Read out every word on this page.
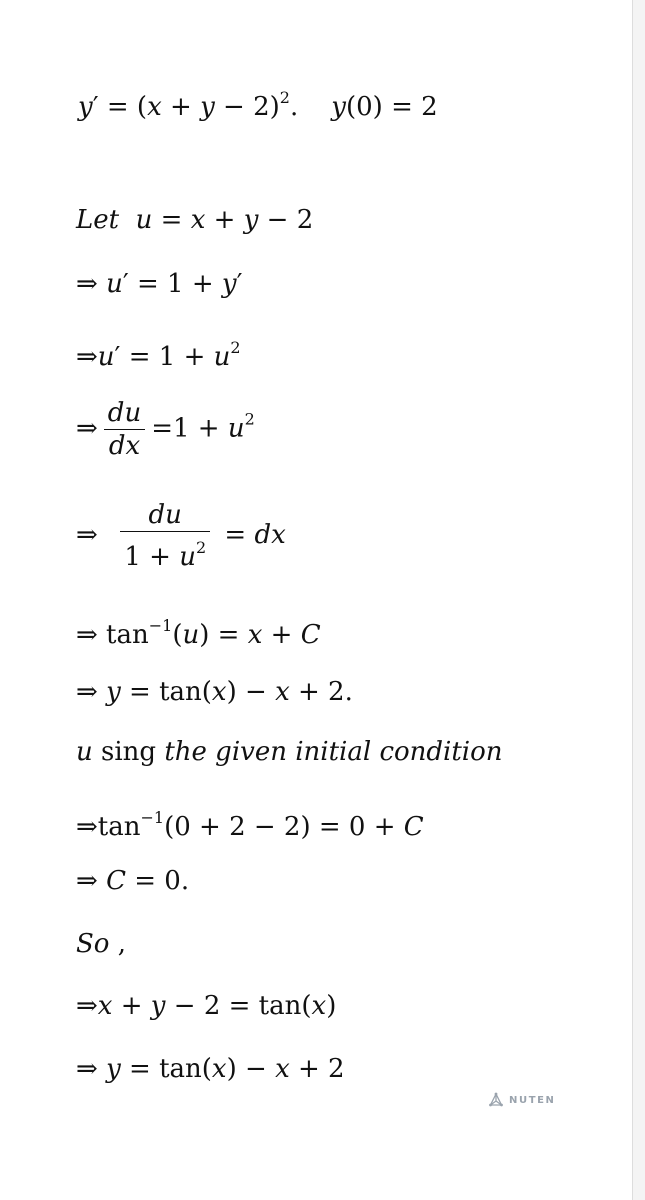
$y' = (x + y - 2)^2$.    y(0) = 2
Let u = x + y − 2
⇒ u′ = 1 + y′
⇒u′ = $1 + u^2$
⇒ $\frac{du}{dx} =1 + u^2$
⇒ $\frac{du}{1 + u^2}$ = dx
⇒ $\tan^{-1}(u) = x + C$
⇒ y = tan(x) − x + 2.
u sing the given initial condition
$\Rightarrow\tan^{-1}(0 + 2 - 2) = 0 + C$
⇒ C = 0.
So ,
⇒x + y − 2 = tan(x)
⇒ y = tan(x) − x + 2
NUTEN
